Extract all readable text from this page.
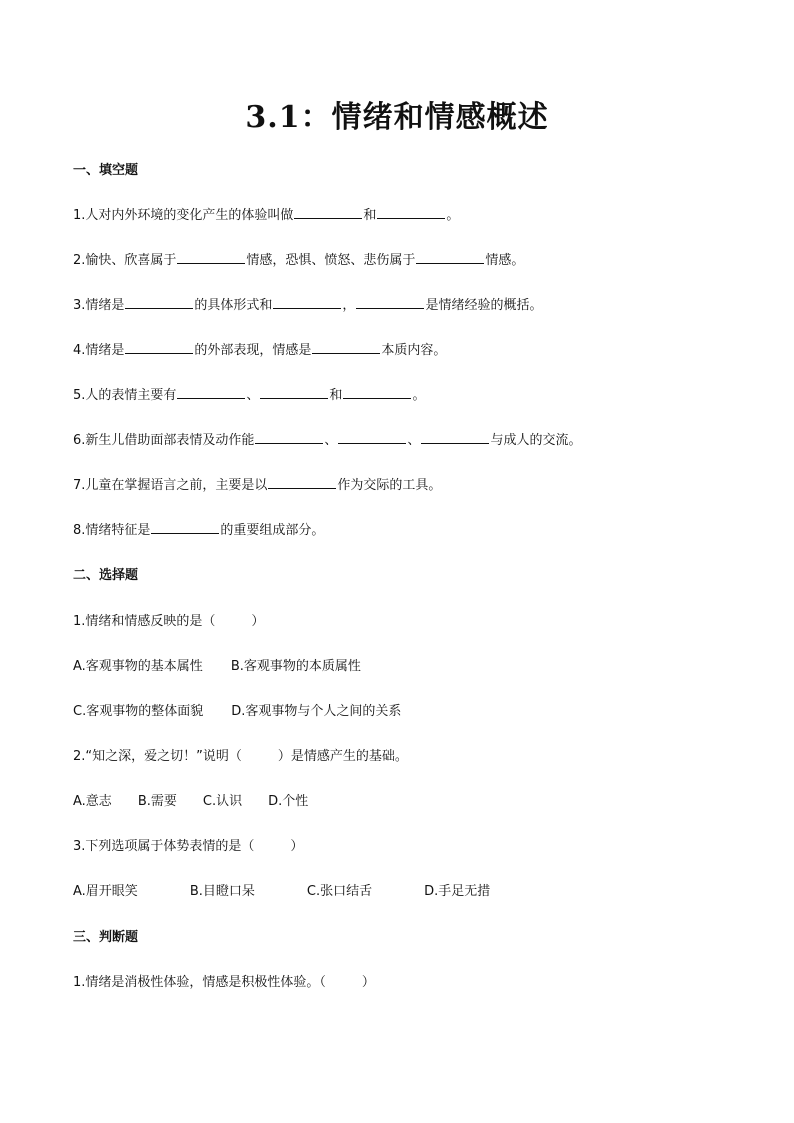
3.1：情绪和情感概述
一、填空题
1.人对内外环境的变化产生的体验叫做	和	。
2.愉快、欣喜属于	情感，恐惧、愤怒、悲伤属于	情感。
3.情绪是	的具体形式和	，	是情绪经验的概括。
4.情绪是	的外部表现，情感是	本质内容。
5.人的表情主要有	、	和	。
6.新生儿借助面部表情及动作能	、	、	与成人的交流。
7.儿童在掌握语言之前，主要是以	作为交际的工具。
8.情绪特征是	的重要组成部分。
二、选择题
1.情绪和情感反映的是（	）
A.客观事物的基本属性 B.客观事物的本质属性
C.客观事物的整体面貌 D.客观事物与个人之间的关系
2.“知之深，爱之切！”说明（	）是情感产生的基础。
A.意志 B.需要 C.认识 D.个性
3.下列选项属于体势表情的是（	）
A.眉开眼笑	B.目瞪口呆	C.张口结舌	D.手足无措
三、判断题
1.情绪是消极性体验，情感是积极性体验。（	）
